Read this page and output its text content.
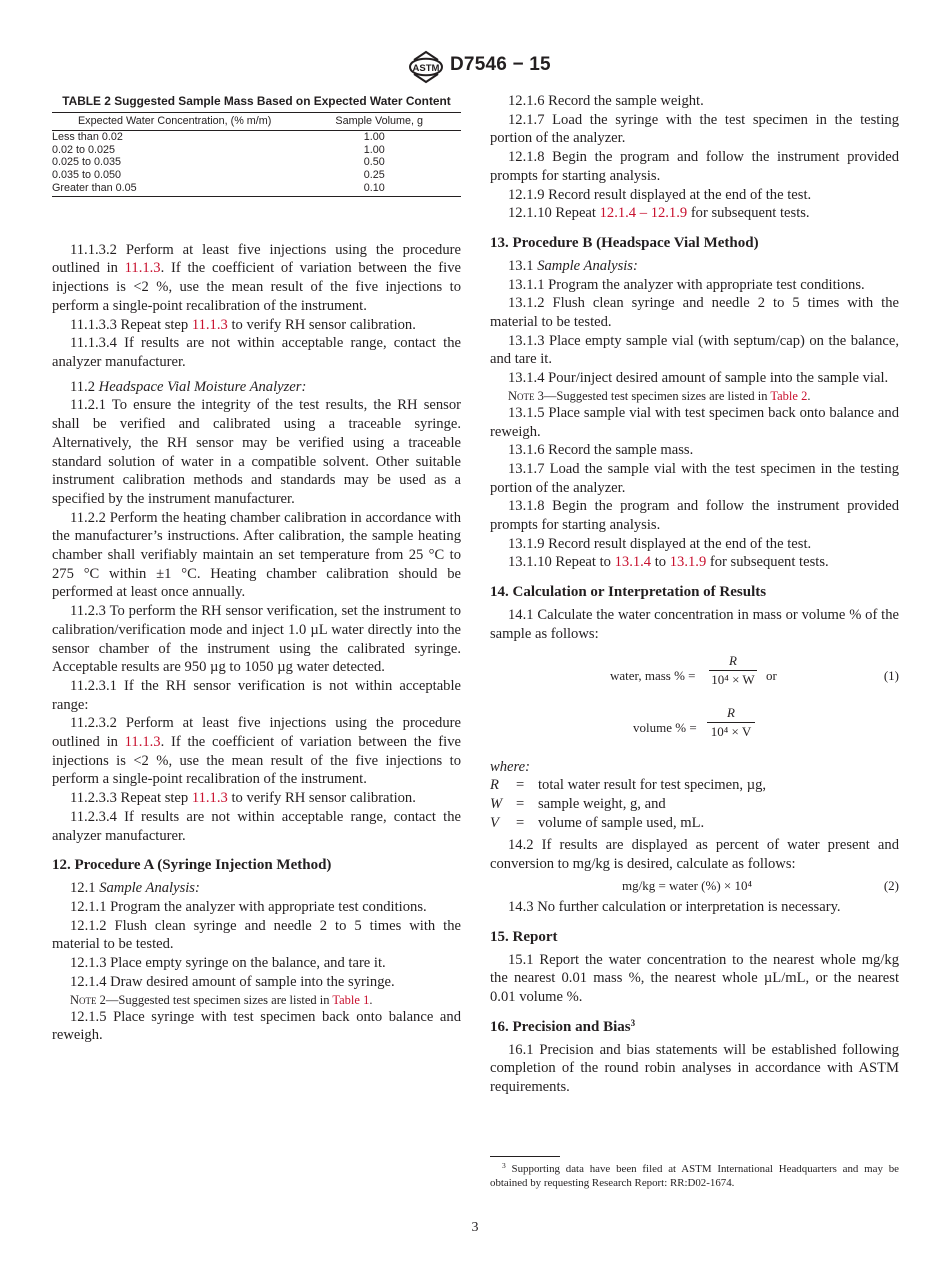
ASTM D7546 − 15
TABLE 2 Suggested Sample Mass Based on Expected Water Content
Expected Water Concentration, (% m/m)	Sample Volume, g
Less than 0.02	1.00
0.02 to 0.025	1.00
0.025 to 0.035	0.50
0.035 to 0.050	0.25
Greater than 0.05	0.10

11.1.3.2 Perform at least five injections using the procedure outlined in 11.1.3. If the coefficient of variation between the five injections is <2 %, use the mean result of the five injections to perform a single-point recalibration of the instrument.

11.1.3.3 Repeat step 11.1.3 to verify RH sensor calibration.

11.1.3.4 If results are not within acceptable range, contact the analyzer manufacturer.

11.2 Headspace Vial Moisture Analyzer:

11.2.1 To ensure the integrity of the test results, the RH sensor shall be verified and calibrated using a traceable syringe. Alternatively, the RH sensor may be verified using a traceable standard solution of water in a compatible solvent. Other suitable instrument calibration methods and standards may be used as a specified by the instrument manufacturer.

11.2.2 Perform the heating chamber calibration in accordance with the manufacturer’s instructions. After calibration, the sample heating chamber shall verifiably maintain an set temperature from 25 °C to 275 °C within ±1 °C. Heating chamber calibration should be performed at least once annually.

11.2.3 To perform the RH sensor verification, set the instrument to calibration/verification mode and inject 1.0 µL water directly into the sensor chamber of the instrument using the calibrated syringe. Acceptable results are 950 µg to 1050 µg water detected.

11.2.3.1 If the RH sensor verification is not within acceptable range:

11.2.3.2 Perform at least five injections using the procedure outlined in 11.1.3. If the coefficient of variation between the five injections is <2 %, use the mean result of the five injections to perform a single-point recalibration of the instrument.

11.2.3.3 Repeat step 11.1.3 to verify RH sensor calibration.

11.2.3.4 If results are not within acceptable range, contact the analyzer manufacturer.

12. Procedure A (Syringe Injection Method)

12.1 Sample Analysis:

12.1.1 Program the analyzer with appropriate test conditions.

12.1.2 Flush clean syringe and needle 2 to 5 times with the material to be tested.

12.1.3 Place empty syringe on the balance, and tare it.

12.1.4 Draw desired amount of sample into the syringe.

Note 2—Suggested test specimen sizes are listed in Table 1.

12.1.5 Place syringe with test specimen back onto balance and reweigh.

12.1.6 Record the sample weight.

12.1.7 Load the syringe with the test specimen in the testing portion of the analyzer.

12.1.8 Begin the program and follow the instrument provided prompts for starting analysis.

12.1.9 Record result displayed at the end of the test.

12.1.10 Repeat 12.1.4 – 12.1.9 for subsequent tests.

13. Procedure B (Headspace Vial Method)

13.1 Sample Analysis:

13.1.1 Program the analyzer with appropriate test conditions.

13.1.2 Flush clean syringe and needle 2 to 5 times with the material to be tested.

13.1.3 Place empty sample vial (with septum/cap) on the balance, and tare it.

13.1.4 Pour/inject desired amount of sample into the sample vial.

Note 3—Suggested test specimen sizes are listed in Table 2.

13.1.5 Place sample vial with test specimen back onto balance and reweigh.

13.1.6 Record the sample mass.

13.1.7 Load the sample vial with the test specimen in the testing portion of the analyzer.

13.1.8 Begin the program and follow the instrument provided prompts for starting analysis.

13.1.9 Record result displayed at the end of the test.

13.1.10 Repeat to 13.1.4 to 13.1.9 for subsequent tests.

14. Calculation or Interpretation of Results

14.1 Calculate the water concentration in mass or volume % of the sample as follows:

water, mass % =
R
10⁴ × W or	(1)
volume % =
R
10⁴ × V

where:

R	= total water result for test specimen, µg,
W = sample weight, g, and
V	= volume of sample used, mL.

14.2 If results are displayed as percent of water present and conversion to mg/kg is desired, calculate as follows:

mg/kg = water (%) × 10⁴	(2)

14.3 No further calculation or interpretation is necessary.

15. Report

15.1 Report the water concentration to the nearest whole mg/kg the nearest 0.01 mass %, the nearest whole µL/mL, or the nearest 0.01 volume %.

16. Precision and Bias$^3$

16.1 Precision and bias statements will be established following completion of the round robin analyses in accordance with ASTM requirements.

$^3$ Supporting data have been filed at ASTM International Headquarters and may be obtained by requesting Research Report: RR:D02-1674.
3
